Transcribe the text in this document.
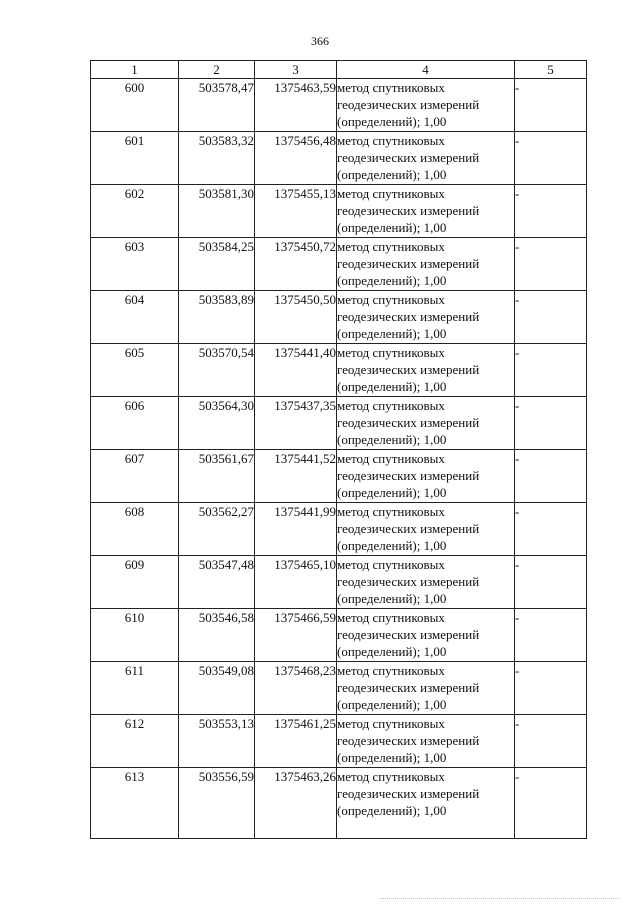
366
1	2	3	4	5
600	503578,47	1375463,59	метод спутниковых
геодезических измерений
(определений); 1,00	-
601	503583,32	1375456,48	метод спутниковых
геодезических измерений
(определений); 1,00	-
602	503581,30	1375455,13	метод спутниковых
геодезических измерений
(определений); 1,00	-
603	503584,25	1375450,72	метод спутниковых
геодезических измерений
(определений); 1,00	-
604	503583,89	1375450,50	метод спутниковых
геодезических измерений
(определений); 1,00	-
605	503570,54	1375441,40	метод спутниковых
геодезических измерений
(определений); 1,00	-
606	503564,30	1375437,35	метод спутниковых
геодезических измерений
(определений); 1,00	-
607	503561,67	1375441,52	метод спутниковых
геодезических измерений
(определений); 1,00	-
608	503562,27	1375441,99	метод спутниковых
геодезических измерений
(определений); 1,00	-
609	503547,48	1375465,10	метод спутниковых
геодезических измерений
(определений); 1,00	-
610	503546,58	1375466,59	метод спутниковых
геодезических измерений
(определений); 1,00	-
611	503549,08	1375468,23	метод спутниковых
геодезических измерений
(определений); 1,00	-
612	503553,13	1375461,25	метод спутниковых
геодезических измерений
(определений); 1,00	-
613	503556,59	1375463,26	метод спутниковых
геодезических измерений
(определений); 1,00	-
